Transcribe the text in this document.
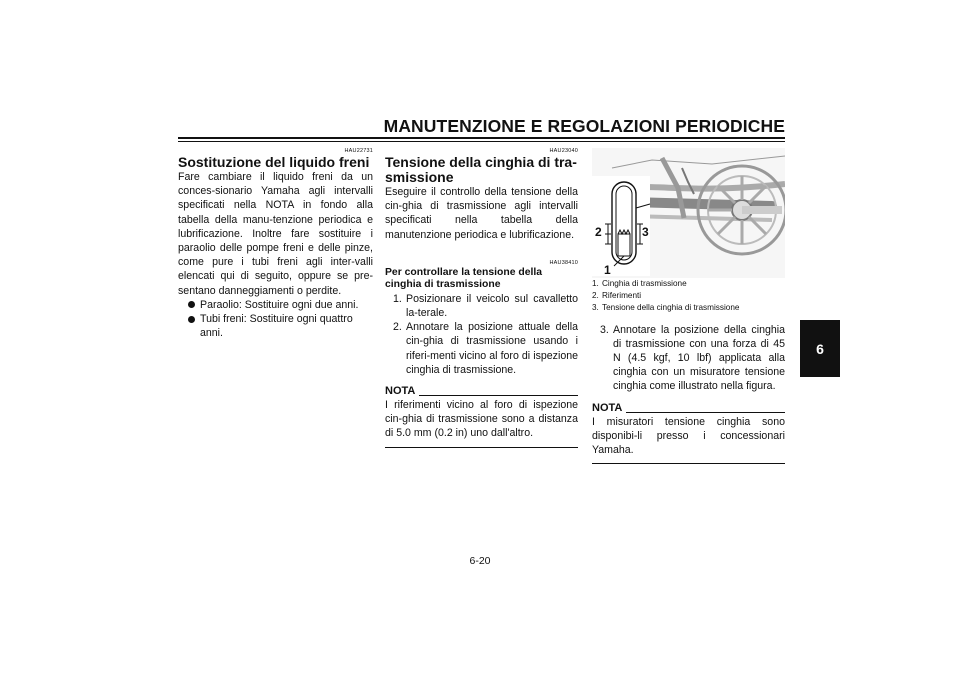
MANUTENZIONE E REGOLAZIONI PERIODICHE
6
HAU22731
Sostituzione del liquido freni

Fare cambiare il liquido freni da un conces-sionario Yamaha agli intervalli specificati nella NOTA in fondo alla tabella della manu-tenzione periodica e lubrificazione. Inoltre fare sostituire i paraolio delle pompe freni e delle pinze, come pure i tubi freni agli inter-valli elencati qui di seguito, oppure se pre-sentano danneggiamenti o perdite.

Paraolio: Sostituire ogni due anni.
Tubi freni: Sostituire ogni quattro anni.
HAU23040
Tensione della cinghia di tra-smissione

Eseguire il controllo della tensione della cin-ghia di trasmissione agli intervalli specificati nella tabella della manutenzione periodica e lubrificazione.

HAU38410
Per controllare la tensione della cinghia di trasmissione
1. Posizionare il veicolo sul cavalletto la-terale.
2. Annotare la posizione attuale della cin-ghia di trasmissione usando i riferi-menti vicino al foro di ispezione cinghia di trasmissione.
NOTA

I riferimenti vicino al foro di ispezione cin-ghia di trasmissione sono a distanza di 5.0 mm (0.2 in) uno dall'altro.

2	3
1
1. Cinghia di trasmissione
2. Riferimenti
3. Tensione della cinghia di trasmissione
3. Annotare la posizione della cinghia di trasmissione con una forza di 45 N (4.5 kgf, 10 lbf) applicata alla cinghia con un misuratore tensione cinghia come illustrato nella figura.
NOTA

I misuratori tensione cinghia sono disponibi-li presso i concessionari Yamaha.

6-20
